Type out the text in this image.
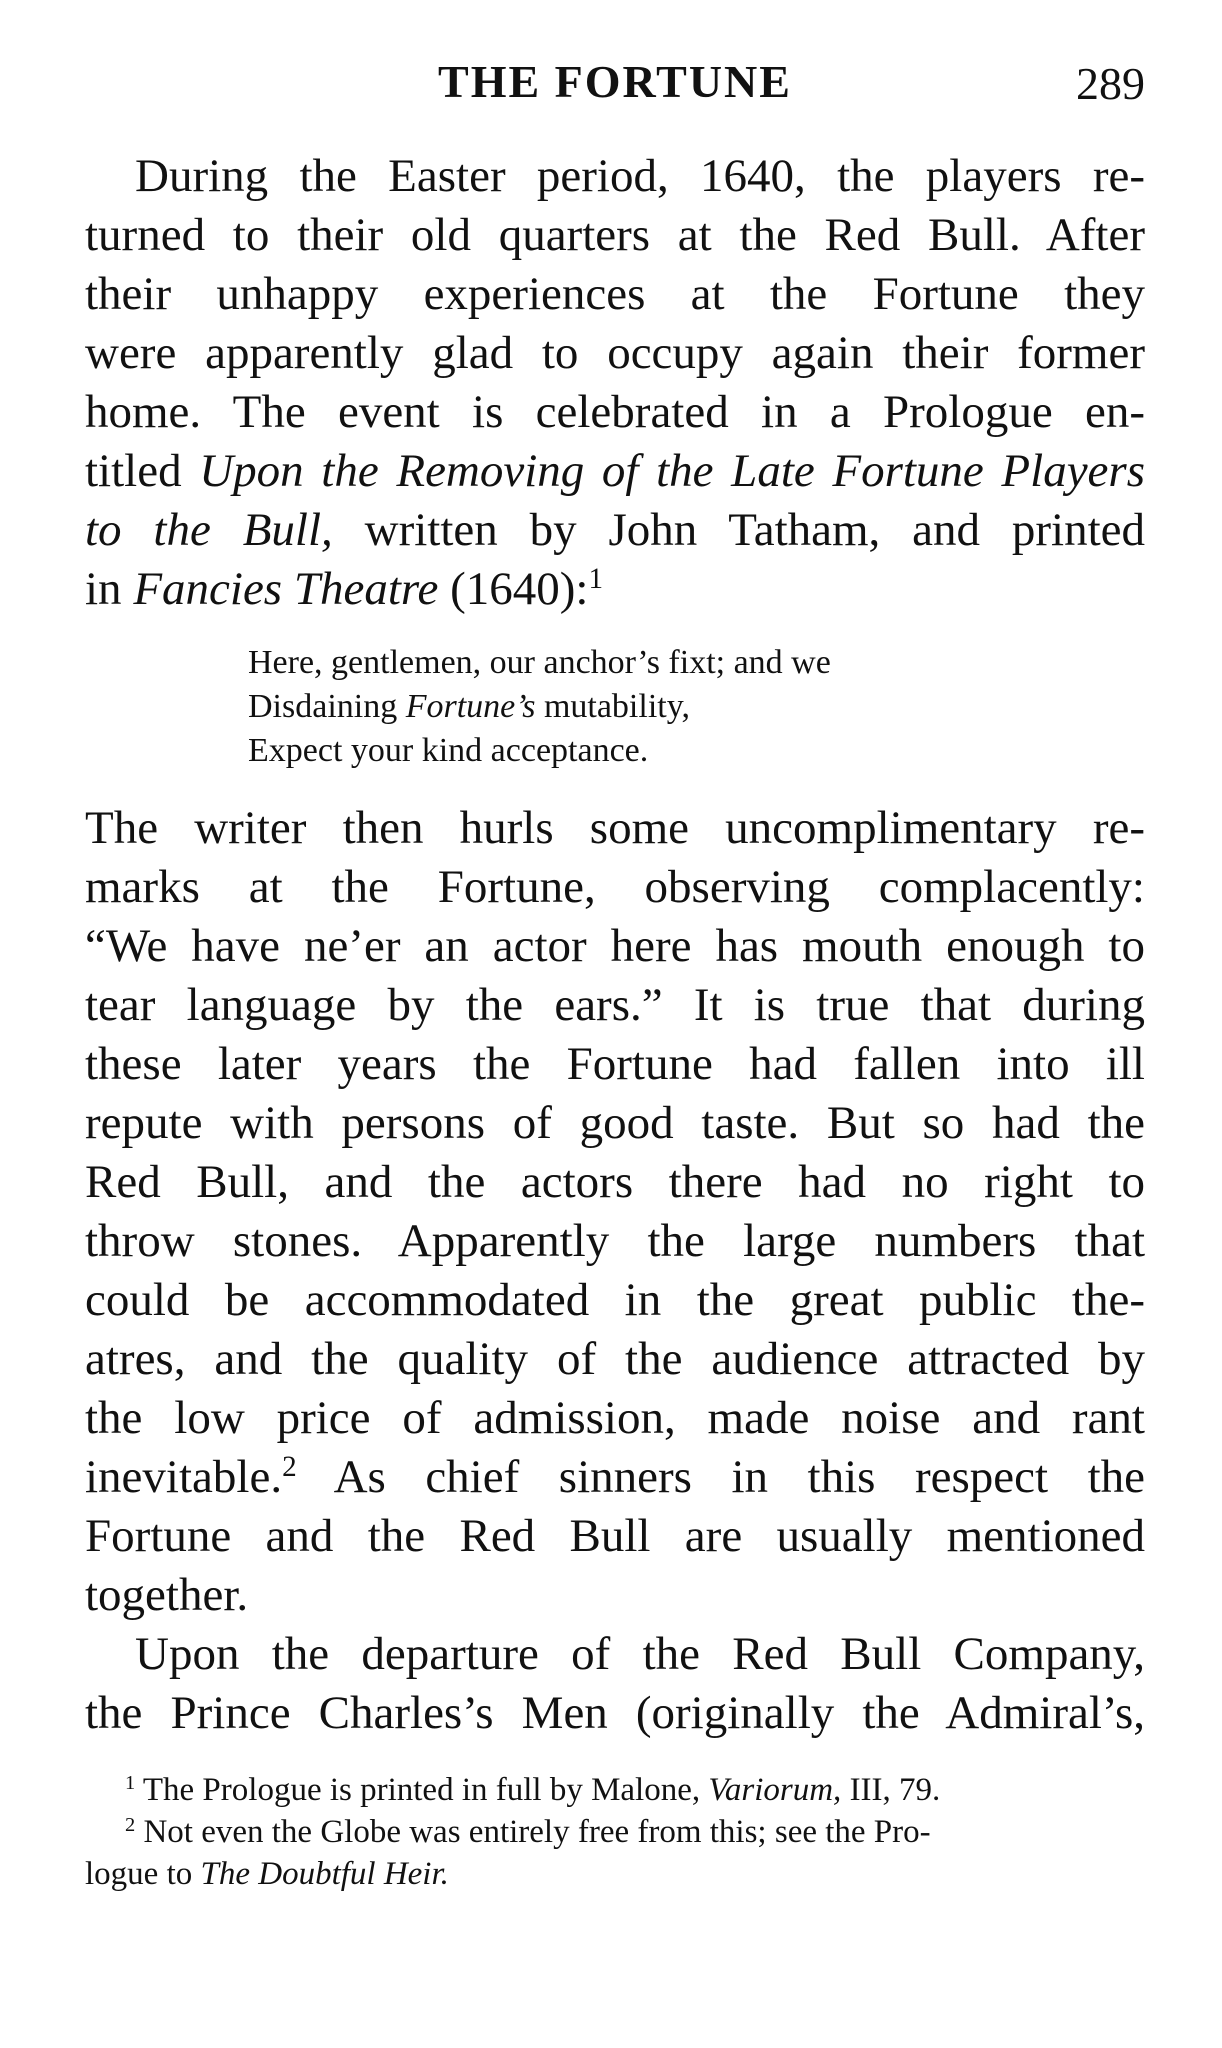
THE FORTUNE	289

During the Easter period, 1640, the players re-
turned to their old quarters at the Red Bull. After
their unhappy experiences at the Fortune they
were apparently glad to occupy again their former
home. The event is celebrated in a Prologue en-
titled Upon the Removing of the Late Fortune Players
to the Bull, written by John Tatham, and printed
in Fancies Theatre (1640):$^1$

Here, gentlemen, our anchor’s fixt; and we
Disdaining Fortune’s mutability,
Expect your kind acceptance.

The writer then hurls some uncomplimentary re-
marks at the Fortune, observing complacently:
“We have ne’er an actor here has mouth enough to
tear language by the ears.” It is true that during
these later years the Fortune had fallen into ill
repute with persons of good taste. But so had the
Red Bull, and the actors there had no right to
throw stones. Apparently the large numbers that
could be accommodated in the great public the-
atres, and the quality of the audience attracted by
the low price of admission, made noise and rant
inevitable.$^2$ As chief sinners in this respect the
Fortune and the Red Bull are usually mentioned
together.

Upon the departure of the Red Bull Company,
the Prince Charles’s Men (originally the Admiral’s,

$^1$ The Prologue is printed in full by Malone, Variorum, III, 79.
$^2$ Not even the Globe was entirely free from this; see the Pro-
logue to The Doubtful Heir.
